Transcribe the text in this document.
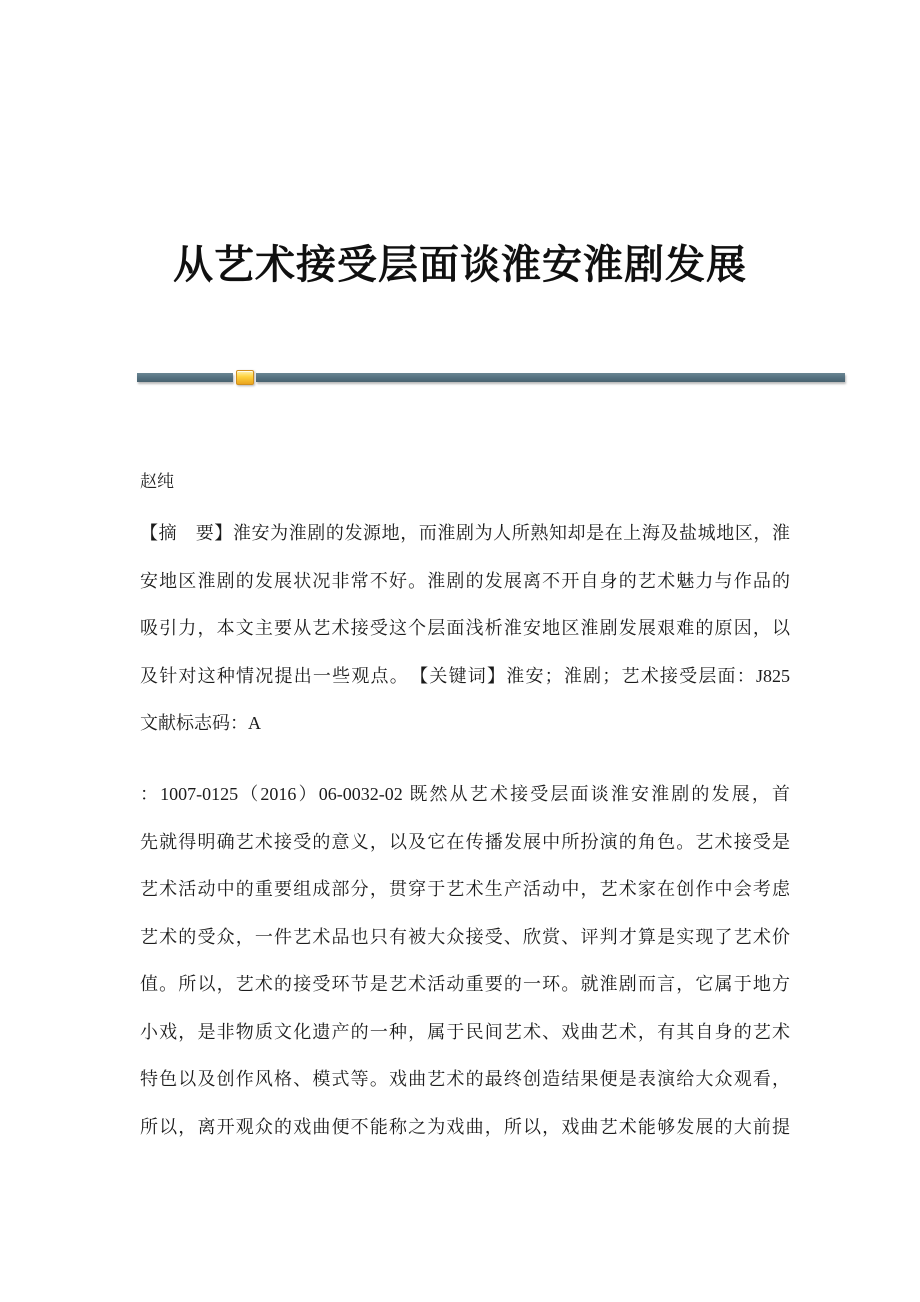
从艺术接受层面谈淮安淮剧发展
赵纯
【摘　要】淮安为淮剧的发源地，而淮剧为人所熟知却是在上海及盐城地区，淮
安地区淮剧的发展状况非常不好。淮剧的发展离不开自身的艺术魅力与作品的
吸引力，本文主要从艺术接受这个层面浅析淮安地区淮剧发展艰难的原因，以
及针对这种情况提出一些观点。　【关键词】淮安；淮剧；艺术接受层面：J825
文献标志码：A
：1007-0125（2016）06-0032-02 既然从艺术接受层面谈淮安淮剧的发展，首
先就得明确艺术接受的意义，以及它在传播发展中所扮演的角色。艺术接受是
艺术活动中的重要组成部分，贯穿于艺术生产活动中，艺术家在创作中会考虑
艺术的受众，一件艺术品也只有被大众接受、欣赏、评判才算是实现了艺术价
值。所以，艺术的接受环节是艺术活动重要的一环。就淮剧而言，它属于地方
小戏，是非物质文化遗产的一种，属于民间艺术、戏曲艺术，有其自身的艺术
特色以及创作风格、模式等。戏曲艺术的最终创造结果便是表演给大众观看，
所以，离开观众的戏曲便不能称之为戏曲，所以，戏曲艺术能够发展的大前提
